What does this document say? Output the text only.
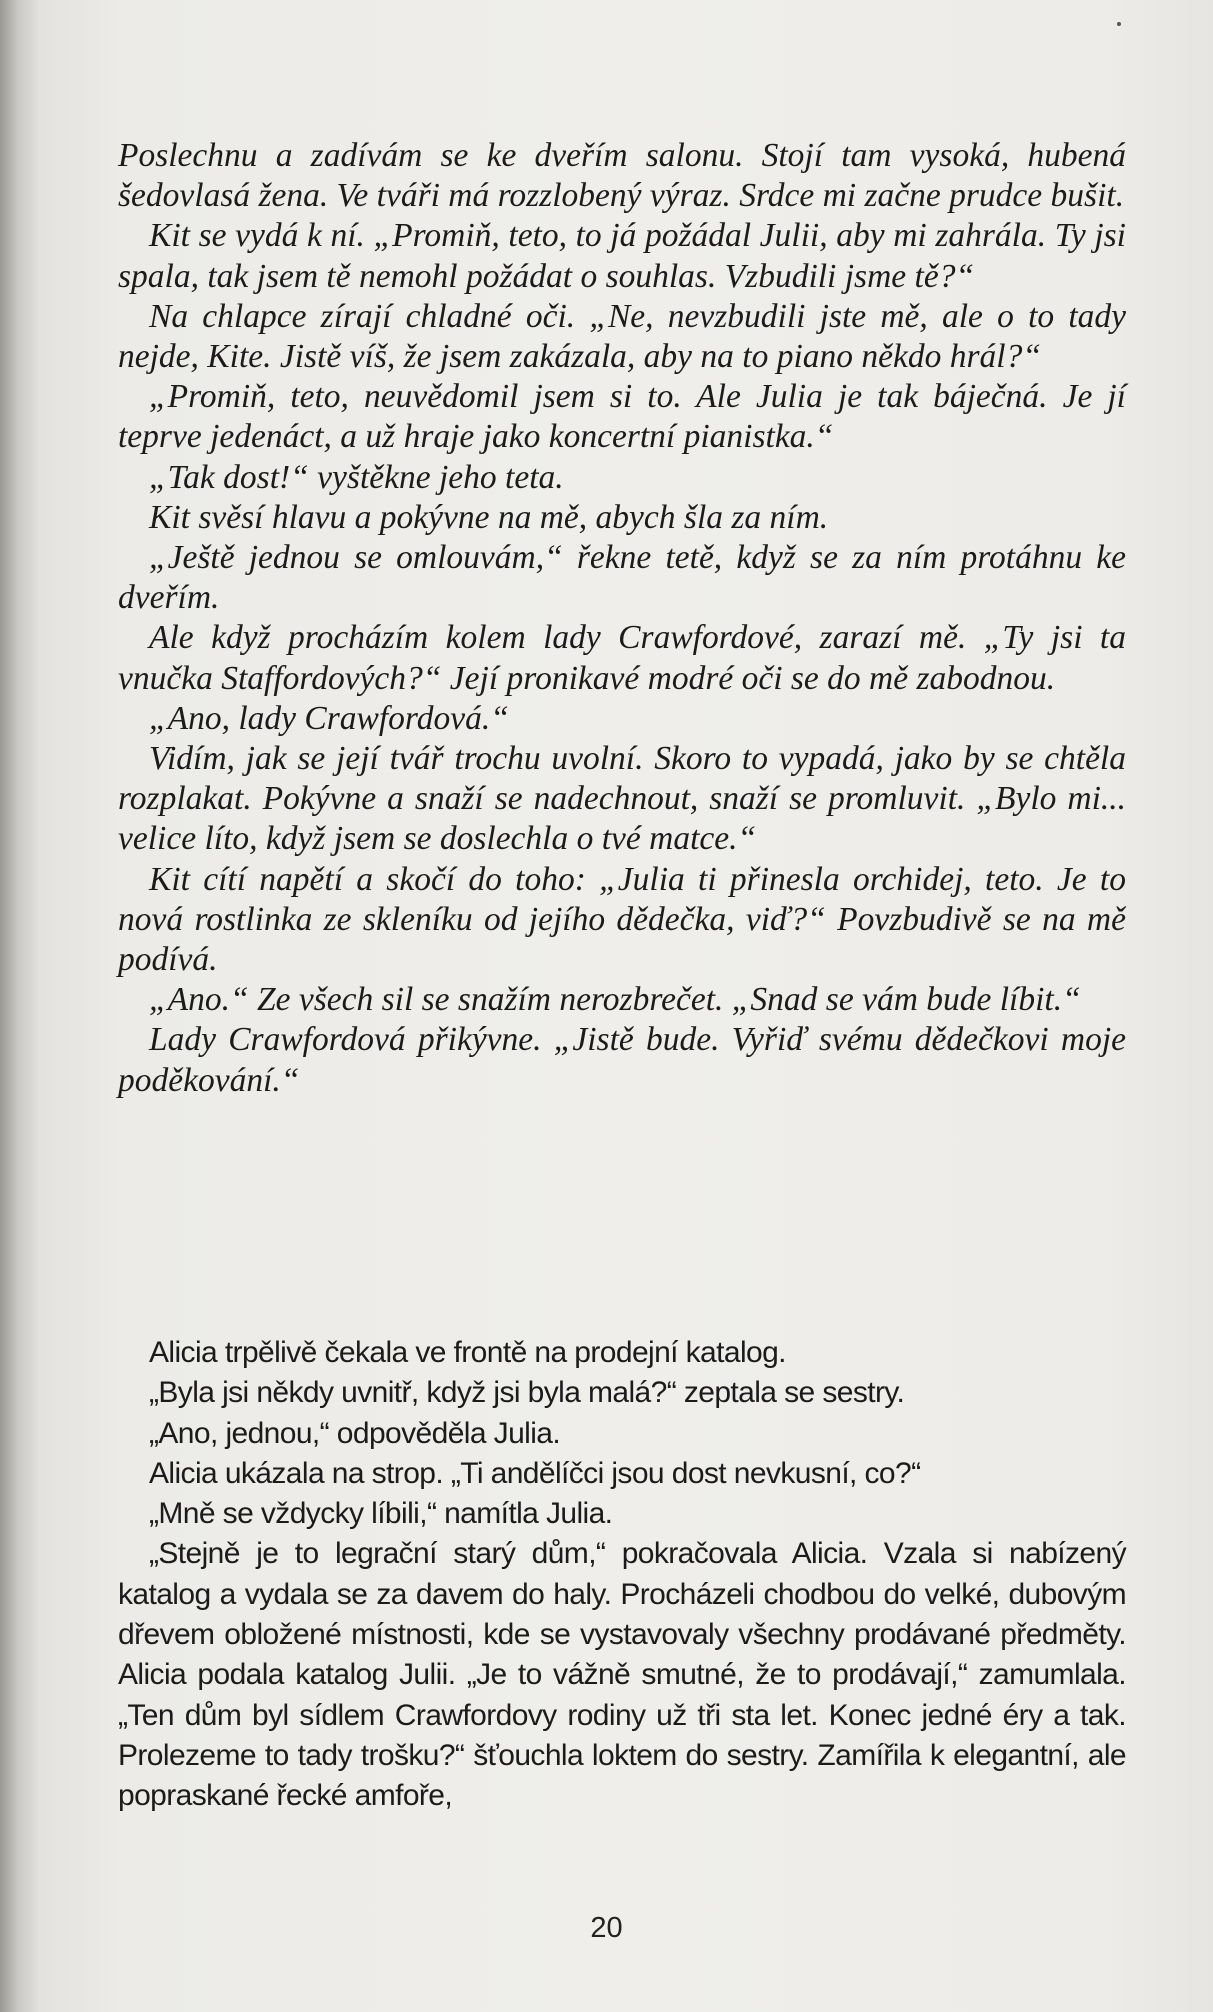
Poslechnu a zadívám se ke dveřím salonu. Stojí tam vysoká, hubená šedovlasá žena. Ve tváři má rozzlobený výraz. Srdce mi začne prudce bušit.

Kit se vydá k ní. „Promiň, teto, to já požádal Julii, aby mi zahrála. Ty jsi spala, tak jsem tě nemohl požádat o souhlas. Vzbudili jsme tě?“

Na chlapce zírají chladné oči. „Ne, nevzbudili jste mě, ale o to tady nejde, Kite. Jistě víš, že jsem zakázala, aby na to piano někdo hrál?“

„Promiň, teto, neuvědomil jsem si to. Ale Julia je tak báječná. Je jí teprve jedenáct, a už hraje jako koncertní pianistka.“

„Tak dost!“ vyštěkne jeho teta.

Kit svěsí hlavu a pokývne na mě, abych šla za ním.

„Ještě jednou se omlouvám,“ řekne tetě, když se za ním protáhnu ke dveřím.

Ale když procházím kolem lady Crawfordové, zarazí mě. „Ty jsi ta vnučka Staffordových?“ Její pronikavé modré oči se do mě zabodnou.

„Ano, lady Crawfordová.“

Vidím, jak se její tvář trochu uvolní. Skoro to vypadá, jako by se chtěla rozplakat. Pokývne a snaží se nadechnout, snaží se promluvit. „Bylo mi... velice líto, když jsem se doslechla o tvé matce.“

Kit cítí napětí a skočí do toho: „Julia ti přinesla orchidej, teto. Je to nová rostlinka ze skleníku od jejího dědečka, viď?“ Povzbudivě se na mě podívá.

„Ano.“ Ze všech sil se snažím nerozbrečet. „Snad se vám bude líbit.“

Lady Crawfordová přikývne. „Jistě bude. Vyřiď svému dědečkovi moje poděkování.“

Alicia trpělivě čekala ve frontě na prodejní katalog.

„Byla jsi někdy uvnitř, když jsi byla malá?“ zeptala se sestry.

„Ano, jednou,“ odpověděla Julia.

Alicia ukázala na strop. „Ti andělíčci jsou dost nevkusní, co?“

„Mně se vždycky líbili,“ namítla Julia.

„Stejně je to legrační starý dům,“ pokračovala Alicia. Vzala si nabízený katalog a vydala se za davem do haly. Procházeli chodbou do velké, dubovým dřevem obložené místnosti, kde se vystavovaly všechny prodávané předměty. Alicia podala katalog Julii. „Je to vážně smutné, že to prodávají,“ zamumlala. „Ten dům byl sídlem Crawfordovy rodiny už tři sta let. Konec jedné éry a tak. Prolezeme to tady trošku?“ šťouchla loktem do sestry. Zamířila k elegantní, ale popraskané řecké amfoře,

20
